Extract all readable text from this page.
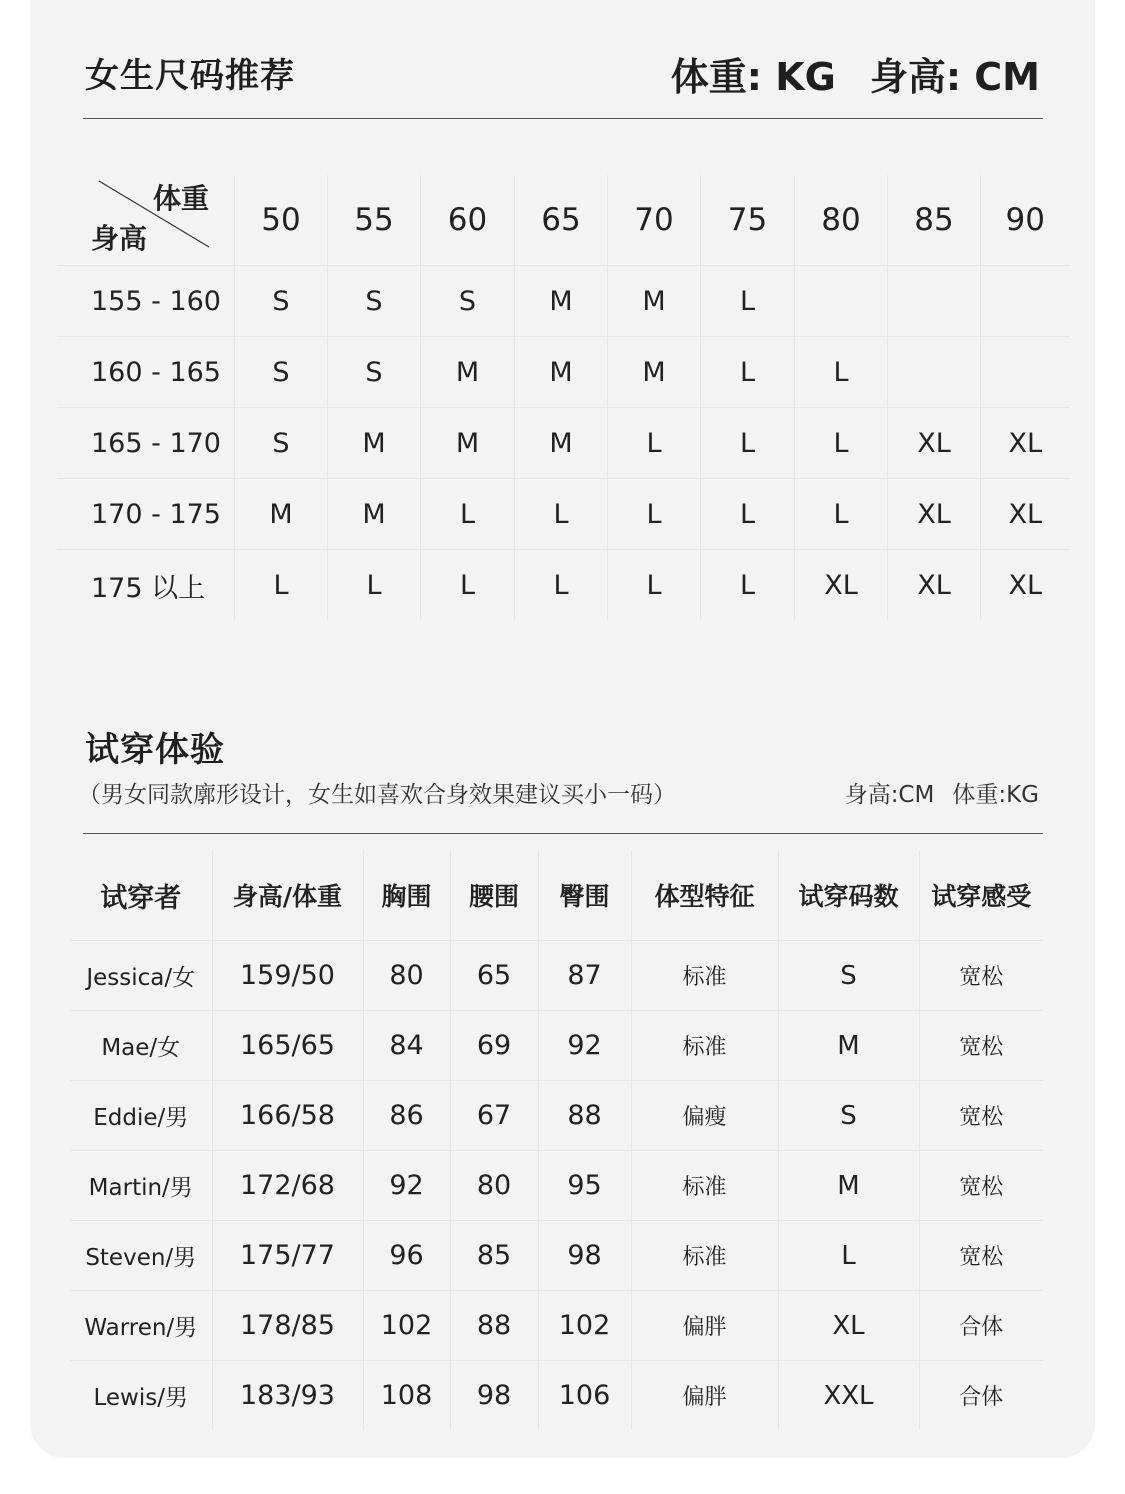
女生尺码推荐	体重: KG 身高: CM
体重
身高	50	55	60	65	70	75	80	85	90
155 - 160	S	S	S	M	M	L			
160 - 165	S	S	M	M	M	L	L		
165 - 170	S	M	M	M	L	L	L	XL	XL
170 - 175	M	M	L	L	L	L	L	XL	XL
175 以上	L	L	L	L	L	L	XL	XL	XL
试穿体验
（男女同款廓形设计，女生如喜欢合身效果建议买小一码）	身高:CM 体重:KG
试穿者	身高/体重	胸围	腰围	臀围	体型特征	试穿码数	试穿感受
Jessica/女	159/50	80	65	87	标准	S	宽松
Mae/女	165/65	84	69	92	标准	M	宽松
Eddie/男	166/58	86	67	88	偏瘦	S	宽松
Martin/男	172/68	92	80	95	标准	M	宽松
Steven/男	175/77	96	85	98	标准	L	宽松
Warren/男	178/85	102	88	102	偏胖	XL	合体
Lewis/男	183/93	108	98	106	偏胖	XXL	合体
